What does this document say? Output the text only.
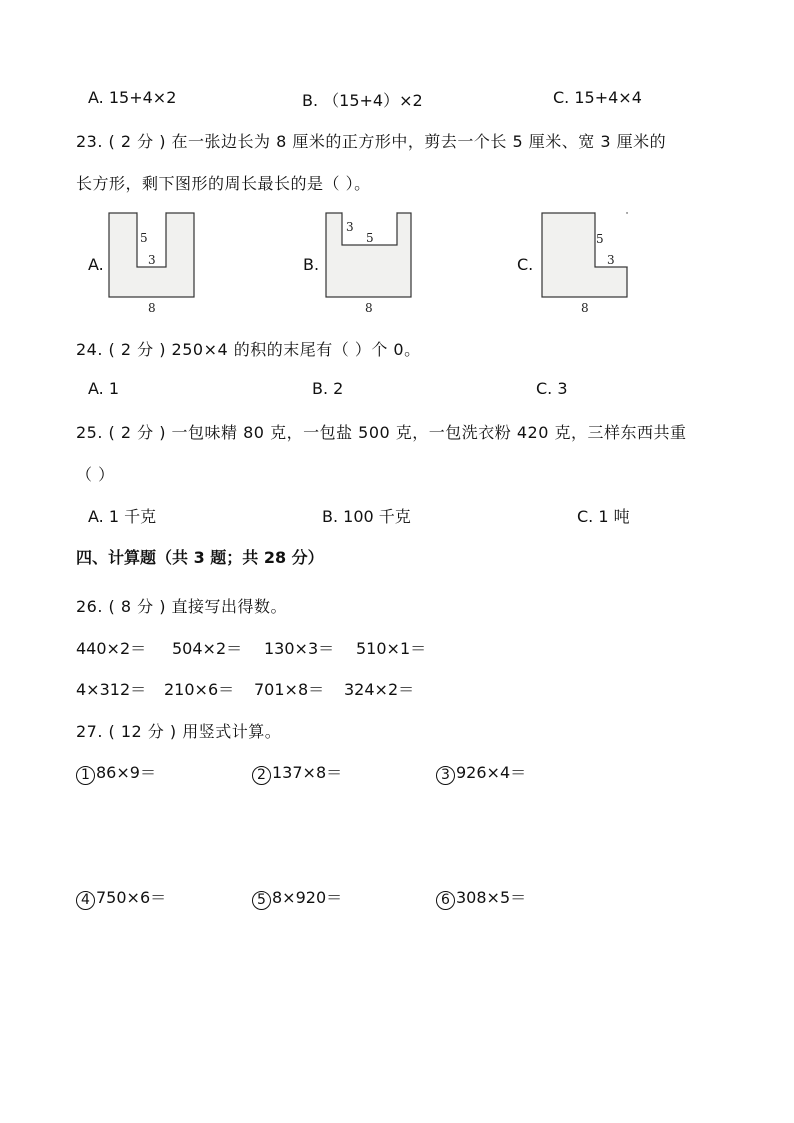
A. 15+4×2	B. （15+4）×2	C. 15+4×4
23. ( 2 分 ) 在一张边长为 8 厘米的正方形中，剪去一个长 5 厘米、宽 3 厘米的
长方形，剩下图形的周长最长的是（ ）。
A.
5
3
8
B.
3
5
8
C.
5
3
8
24. ( 2 分 ) 250×4 的积的末尾有（ ）个 0。
A. 1	B. 2	C. 3
25. ( 2 分 ) 一包味精 80 克，一包盐 500 克，一包洗衣粉 420 克，三样东西共重
（ ）
A. 1 千克	B. 100 千克	C. 1 吨
四、计算题（共 3 题；共 28 分）
26. ( 8 分 ) 直接写出得数。
440×2＝ 504×2＝ 130×3＝ 510×1＝
4×312＝ 210×6＝ 701×8＝ 324×2＝
27. ( 12 分 ) 用竖式计算。
1 86×9＝	2 137×8＝	3 926×4＝
4 750×6＝	5 8×920＝	6 308×5＝
